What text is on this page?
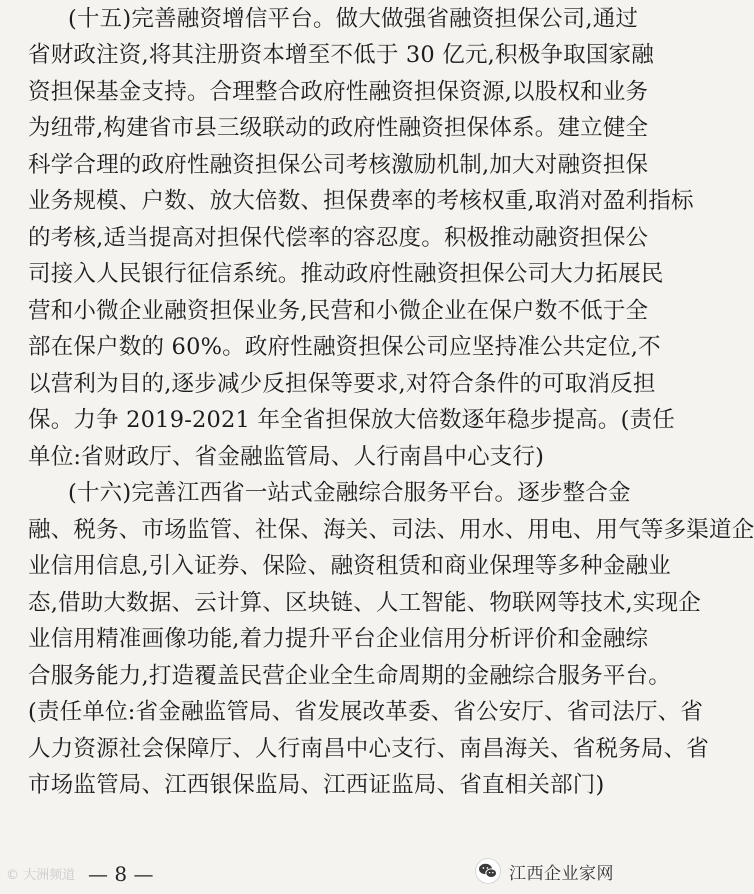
(十五)完善融资增信平台。做大做强省融资担保公司,通过
省财政注资,将其注册资本增至不低于 30 亿元,积极争取国家融
资担保基金支持。合理整合政府性融资担保资源,以股权和业务
为纽带,构建省市县三级联动的政府性融资担保体系。建立健全
科学合理的政府性融资担保公司考核激励机制,加大对融资担保
业务规模、户数、放大倍数、担保费率的考核权重,取消对盈利指标
的考核,适当提高对担保代偿率的容忍度。积极推动融资担保公
司接入人民银行征信系统。推动政府性融资担保公司大力拓展民
营和小微企业融资担保业务,民营和小微企业在保户数不低于全
部在保户数的 60%。政府性融资担保公司应坚持准公共定位,不
以营利为目的,逐步减少反担保等要求,对符合条件的可取消反担
保。力争 2019-2021 年全省担保放大倍数逐年稳步提高。(责任
单位:省财政厅、省金融监管局、人行南昌中心支行)
(十六)完善江西省一站式金融综合服务平台。逐步整合金
融、税务、市场监管、社保、海关、司法、用水、用电、用气等多渠道企
业信用信息,引入证券、保险、融资租赁和商业保理等多种金融业
态,借助大数据、云计算、区块链、人工智能、物联网等技术,实现企
业信用精准画像功能,着力提升平台企业信用分析评价和金融综
合服务能力,打造覆盖民营企业全生命周期的金融综合服务平台。
(责任单位:省金融监管局、省发展改革委、省公安厅、省司法厅、省
人力资源社会保障厅、人行南昌中心支行、南昌海关、省税务局、省
市场监管局、江西银保监局、江西证监局、省直相关部门)
© 大洲频道 — 8 —	江西企业家网
